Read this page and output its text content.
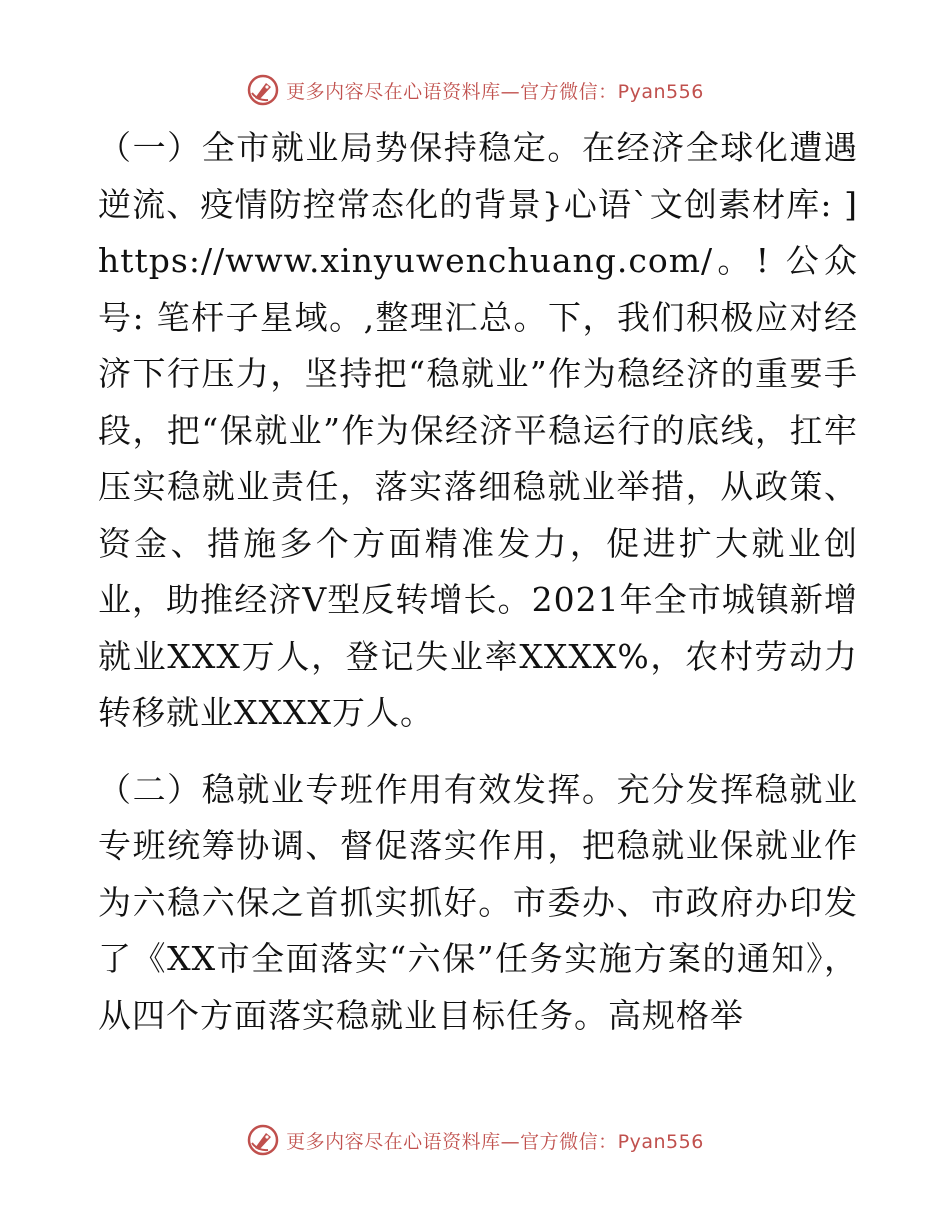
更多内容尽在心语资料库—官方微信：Pyan556

（一）全市就业局势保持稳定。在经济全球化遭遇逆流、疫情防控常态化的背景}心语`文创素材库: ]https://www.xinyuwenchuang.com/。! 公众号: 笔杆子星域。,整理汇总。下，我们积极应对经济下行压力，坚持把“稳就业”作为稳经济的重要手段，把“保就业”作为保经济平稳运行的底线，扛牢压实稳就业责任，落实落细稳就业举措，从政策、资金、措施多个方面精准发力，促进扩大就业创业，助推经济V型反转增长。2021年全市城镇新增就业XXX万人，登记失业率XXXX%，农村劳动力转移就业XXXX万人。

（二）稳就业专班作用有效发挥。充分发挥稳就业专班统筹协调、督促落实作用，把稳就业保就业作为六稳六保之首抓实抓好。市委办、市政府办印发了《XX市全面落实“六保”任务实施方案的通知》，从四个方面落实稳就业目标任务。高规格举

更多内容尽在心语资料库—官方微信：Pyan556
